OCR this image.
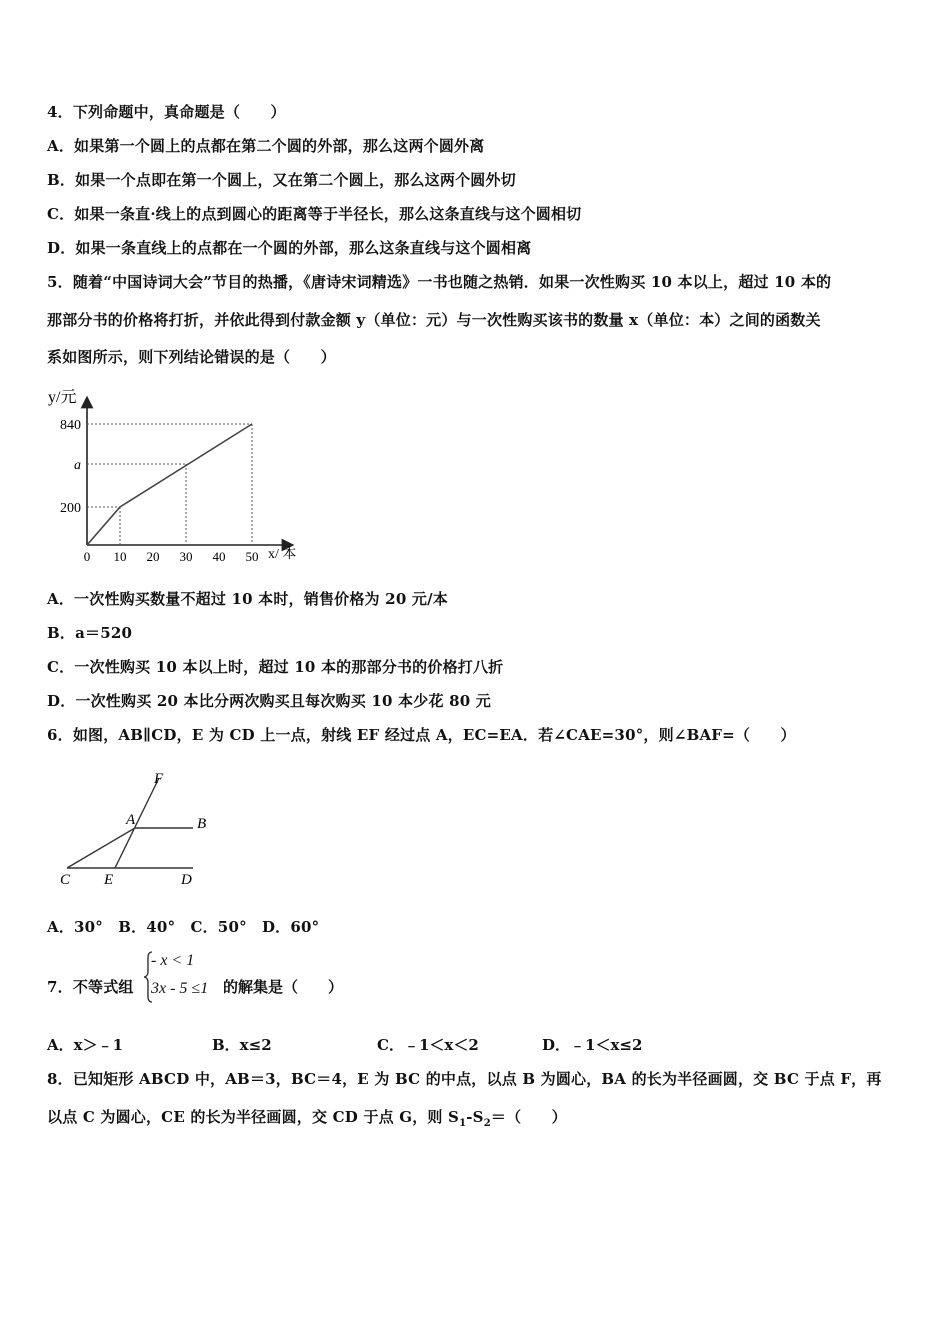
4．下列命题中，真命题是（　　）
A．如果第一个圆上的点都在第二个圆的外部，那么这两个圆外离
B．如果一个点即在第一个圆上，又在第二个圆上，那么这两个圆外切
C．如果一条直·线上的点到圆心的距离等于半径长，那么这条直线与这个圆相切
D．如果一条直线上的点都在一个圆的外部，那么这条直线与这个圆相离
5．随着“中国诗词大会”节目的热播，《唐诗宋词精选》一书也随之热销．如果一次性购买 10 本以上，超过 10 本的
那部分书的价格将打折，并依此得到付款金额 y（单位：元）与一次性购买该书的数量 x（单位：本）之间的函数关
系如图所示，则下列结论错误的是（　　）
0 10 20 30 40 50
200
a
840
y/元
x/ 本
A．一次性购买数量不超过 10 本时，销售价格为 20 元/本
B．a＝520
C．一次性购买 10 本以上时，超过 10 本的那部分书的价格打八折
D．一次性购买 20 本比分两次购买且每次购买 10 本少花 80 元
6．如图，AB∥CD，E 为 CD 上一点，射线 EF 经过点 A，EC=EA．若∠CAE=30°，则∠BAF=（　　）
F
A	B
C E	D
A．30°　B．40°　C．50°　D．60°
7．不等式组
- x < 1
3x - 5 ≤1 的解集是（　　）
A．x＞﹣1	B．x≤2	C．﹣1＜x＜2	D．﹣1＜x≤2
8．已知矩形 ABCD 中，AB＝3，BC＝4，E 为 BC 的中点，以点 B 为圆心，BA 的长为半径画圆，交 BC 于点 F，再
以点 C 为圆心，CE 的长为半径画圆，交 CD 于点 G，则 $S_1-S_2=$（　　）
